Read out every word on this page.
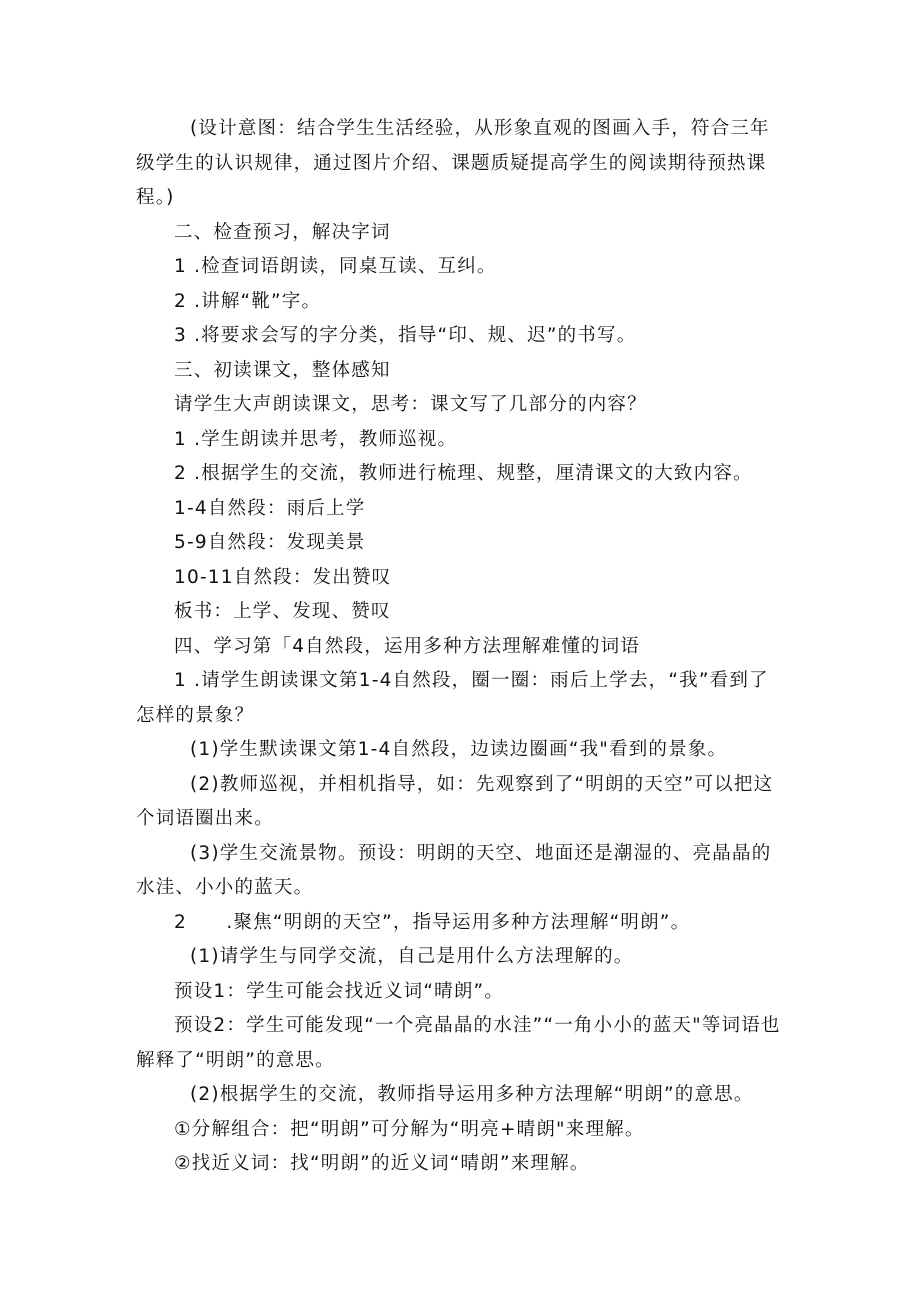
(设计意图：结合学生生活经验，从形象直观的图画入手，符合三年级学生的认识规律，通过图片介绍、课题质疑提高学生的阅读期待预热课程。)

二、检查预习，解决字词

1 .检查词语朗读，同桌互读、互纠。

2 .讲解“靴”字。

3 .将要求会写的字分类，指导“印、规、迟”的书写。

三、初读课文，整体感知

请学生大声朗读课文，思考：课文写了几部分的内容？

1 .学生朗读并思考，教师巡视。

2 .根据学生的交流，教师进行梳理、规整，厘清课文的大致内容。

1-4自然段：雨后上学

5-9自然段：发现美景

10-11自然段：发出赞叹

板书：上学、发现、赞叹

四、学习第「4自然段，运用多种方法理解难懂的词语

1 .请学生朗读课文第1-4自然段，圈一圈：雨后上学去，“我”看到了怎样的景象？

(1)学生默读课文第1-4自然段，边读边圈画“我"看到的景象。

(2)教师巡视，并相机指导，如：先观察到了“明朗的天空”可以把这个词语圈出来。

(3)学生交流景物。预设：明朗的天空、地面还是潮湿的、亮晶晶的水洼、小小的蓝天。

2　　.聚焦“明朗的天空”，指导运用多种方法理解“明朗”。

(1)请学生与同学交流，自己是用什么方法理解的。

预设1：学生可能会找近义词“晴朗”。

预设2：学生可能发现“一个亮晶晶的水洼”“一角小小的蓝天"等词语也解释了“明朗”的意思。

(2)根据学生的交流，教师指导运用多种方法理解“明朗”的意思。

①分解组合：把“明朗”可分解为“明亮+晴朗"来理解。

②找近义词：找“明朗”的近义词“晴朗”来理解。
